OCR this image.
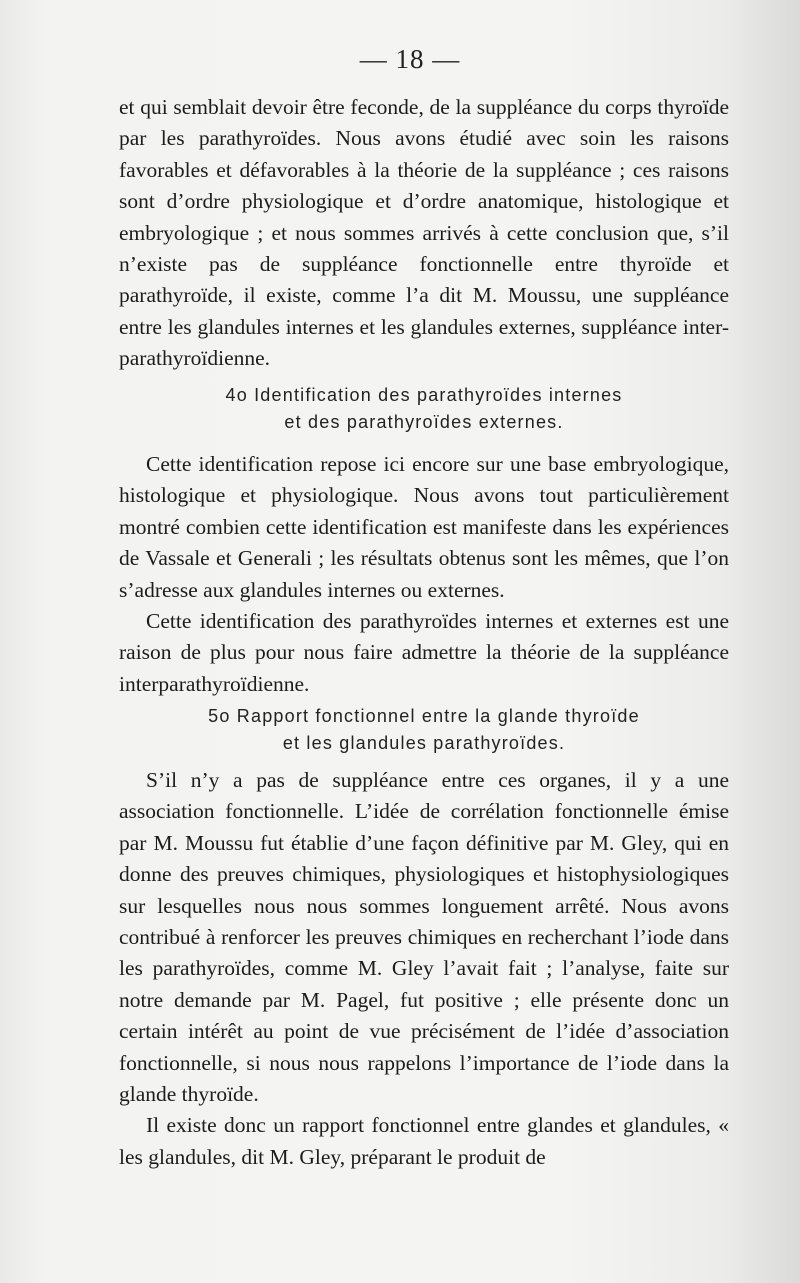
— 18 —

et qui semblait devoir être feconde, de la suppléance du corps thyroïde par les parathyroïdes. Nous avons étudié avec soin les raisons favorables et défavorables à la théorie de la suppléance ; ces raisons sont d’ordre physiologique et d’ordre anatomique, histologique et embryologique ; et nous sommes arrivés à cette conclusion que, s’il n’existe pas de suppléance fonctionnelle entre thyroïde et parathyroïde, il existe, comme l’a dit M. Moussu, une suppléance entre les glandules internes et les glandules externes, suppléance inter-parathyroïdienne.

4o Identification des parathyroïdes internes
et des parathyroïdes externes.

Cette identification repose ici encore sur une base embryologique, histologique et physiologique. Nous avons tout particulièrement montré combien cette identification est manifeste dans les expériences de Vassale et Generali ; les résultats obtenus sont les mêmes, que l’on s’adresse aux glandules internes ou externes.

Cette identification des parathyroïdes internes et externes est une raison de plus pour nous faire admettre la théorie de la suppléance interparathyroïdienne.

5o Rapport fonctionnel entre la glande thyroïde
et les glandules parathyroïdes.

S’il n’y a pas de suppléance entre ces organes, il y a une association fonctionnelle. L’idée de corrélation fonctionnelle émise par M. Moussu fut établie d’une façon définitive par M. Gley, qui en donne des preuves chimiques, physiologiques et histophysiologiques sur lesquelles nous nous sommes longuement arrêté. Nous avons contribué à renforcer les preuves chimiques en recherchant l’iode dans les parathyroïdes, comme M. Gley l’avait fait ; l’analyse, faite sur notre demande par M. Pagel, fut positive ; elle présente donc un certain intérêt au point de vue précisément de l’idée d’association fonctionnelle, si nous nous rappelons l’importance de l’iode dans la glande thyroïde.

Il existe donc un rapport fonctionnel entre glandes et glandules, « les glandules, dit M. Gley, préparant le produit de
